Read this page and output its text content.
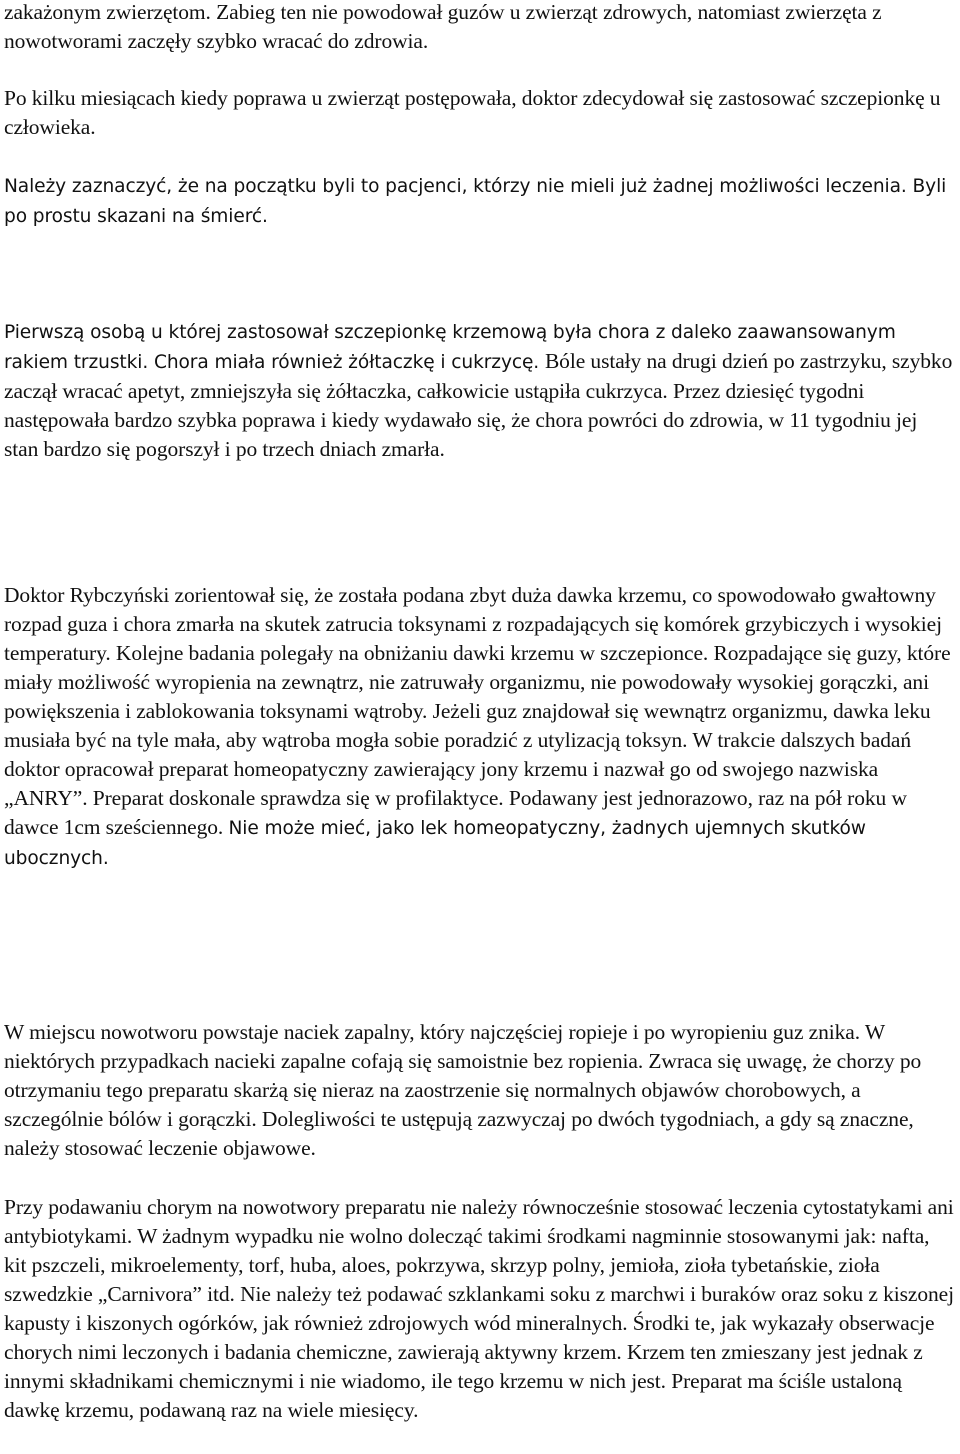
zakażonym zwierzętom. Zabieg ten nie powodował guzów u zwierząt zdrowych, natomiast zwierzęta z nowotworami zaczęły szybko wracać do zdrowia.

Po kilku miesiącach kiedy poprawa u zwierząt postępowała, doktor zdecydował się zastosować szczepionkę u człowieka.

Należy zaznaczyć, że na początku byli to pacjenci, którzy nie mieli już żadnej możliwości leczenia. Byli po prostu skazani na śmierć.

Pierwszą osobą u której zastosował szczepionkę krzemową była chora z daleko zaawansowanym rakiem trzustki. Chora miała również żółtaczkę i cukrzycę. Bóle ustały na drugi dzień po zastrzyku, szybko zaczął wracać apetyt, zmniejszyła się żółtaczka, całkowicie ustąpiła cukrzyca. Przez dziesięć tygodni następowała bardzo szybka poprawa i kiedy wydawało się, że chora powróci do zdrowia, w 11 tygodniu jej stan bardzo się pogorszył i po trzech dniach zmarła.

Doktor Rybczyński zorientował się, że została podana zbyt duża dawka krzemu, co spowodowało gwałtowny rozpad guza i chora zmarła na skutek zatrucia toksynami z rozpadających się komórek grzybiczych i wysokiej temperatury. Kolejne badania polegały na obniżaniu dawki krzemu w szczepionce. Rozpadające się guzy, które miały możliwość wyropienia na zewnątrz, nie zatruwały organizmu, nie powodowały wysokiej gorączki, ani powiększenia i zablokowania toksynami wątroby. Jeżeli guz znajdował się wewnątrz organizmu, dawka leku musiała być na tyle mała, aby wątroba mogła sobie poradzić z utylizacją toksyn. W trakcie dalszych badań doktor opracował preparat homeopatyczny zawierający jony krzemu i nazwał go od swojego nazwiska „ANRY”. Preparat doskonale sprawdza się w profilaktyce. Podawany jest jednorazowo, raz na pół roku w dawce 1cm sześciennego. Nie może mieć, jako lek homeopatyczny, żadnych ujemnych skutków ubocznych.

W miejscu nowotworu powstaje naciek zapalny, który najczęściej ropieje i po wyropieniu guz znika. W niektórych przypadkach nacieki zapalne cofają się samoistnie bez ropienia. Zwraca się uwagę, że chorzy po otrzymaniu tego preparatu skarżą się nieraz na zaostrzenie się normalnych objawów chorobowych, a szczególnie bólów i gorączki. Dolegliwości te ustępują zazwyczaj po dwóch tygodniach, a gdy są znaczne, należy stosować leczenie objawowe.

Przy podawaniu chorym na nowotwory preparatu nie należy równocześnie stosować leczenia cytostatykami ani antybiotykami. W żadnym wypadku nie wolno dolecząć takimi środkami nagminnie stosowanymi jak: nafta, kit pszczeli, mikroelementy, torf, huba, aloes, pokrzywa, skrzyp polny, jemioła, zioła tybetańskie, zioła szwedzkie „Carnivora” itd. Nie należy też podawać szklankami soku z marchwi i buraków oraz soku z kiszonej kapusty i kiszonych ogórków, jak również zdrojowych wód mineralnych. Środki te, jak wykazały obserwacje chorych nimi leczonych i badania chemiczne, zawierają aktywny krzem. Krzem ten zmieszany jest jednak z innymi składnikami chemicznymi i nie wiadomo, ile tego krzemu w nich jest. Preparat ma ściśle ustaloną dawkę krzemu, podawaną raz na wiele miesięcy.
